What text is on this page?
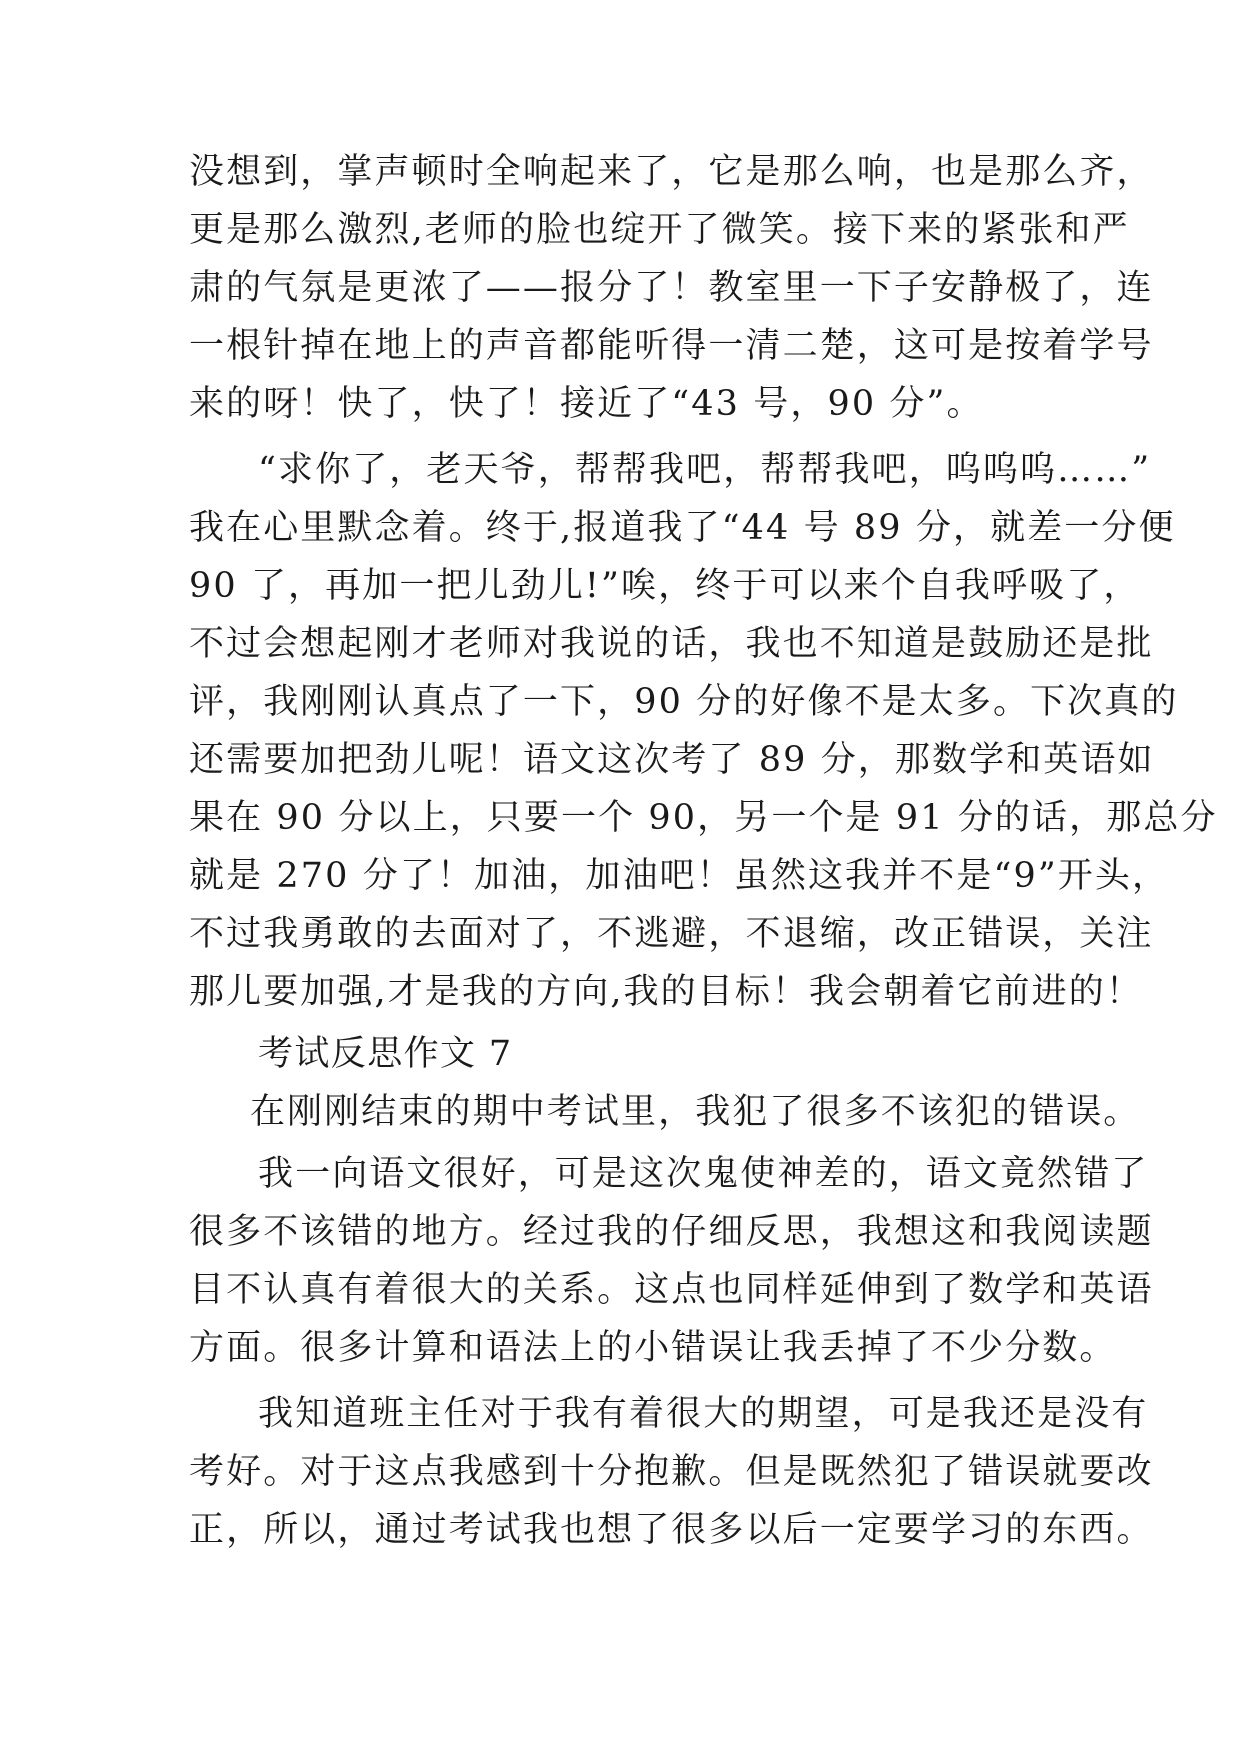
没想到，掌声顿时全响起来了，它是那么响，也是那么齐，
更是那么激烈,老师的脸也绽开了微笑。接下来的紧张和严
肃的气氛是更浓了——报分了！教室里一下子安静极了，连
一根针掉在地上的声音都能听得一清二楚，这可是按着学号
来的呀！快了，快了！接近了“43 号，90 分”。
“求你了，老天爷，帮帮我吧，帮帮我吧，呜呜呜……”
我在心里默念着。终于,报道我了“44 号 89 分，就差一分便
90 了，再加一把儿劲儿!”唉，终于可以来个自我呼吸了，
不过会想起刚才老师对我说的话，我也不知道是鼓励还是批
评，我刚刚认真点了一下，90 分的好像不是太多。下次真的
还需要加把劲儿呢！语文这次考了 89 分，那数学和英语如
果在 90 分以上，只要一个 90，另一个是 91 分的话，那总分
就是 270 分了！加油，加油吧！虽然这我并不是“9”开头，
不过我勇敢的去面对了，不逃避，不退缩，改正错误，关注
那儿要加强,才是我的方向,我的目标！我会朝着它前进的！
考试反思作文 7
在刚刚结束的期中考试里，我犯了很多不该犯的错误。
我一向语文很好，可是这次鬼使神差的，语文竟然错了
很多不该错的地方。经过我的仔细反思，我想这和我阅读题
目不认真有着很大的关系。这点也同样延伸到了数学和英语
方面。很多计算和语法上的小错误让我丢掉了不少分数。
我知道班主任对于我有着很大的期望，可是我还是没有
考好。对于这点我感到十分抱歉。但是既然犯了错误就要改
正，所以，通过考试我也想了很多以后一定要学习的东西。
